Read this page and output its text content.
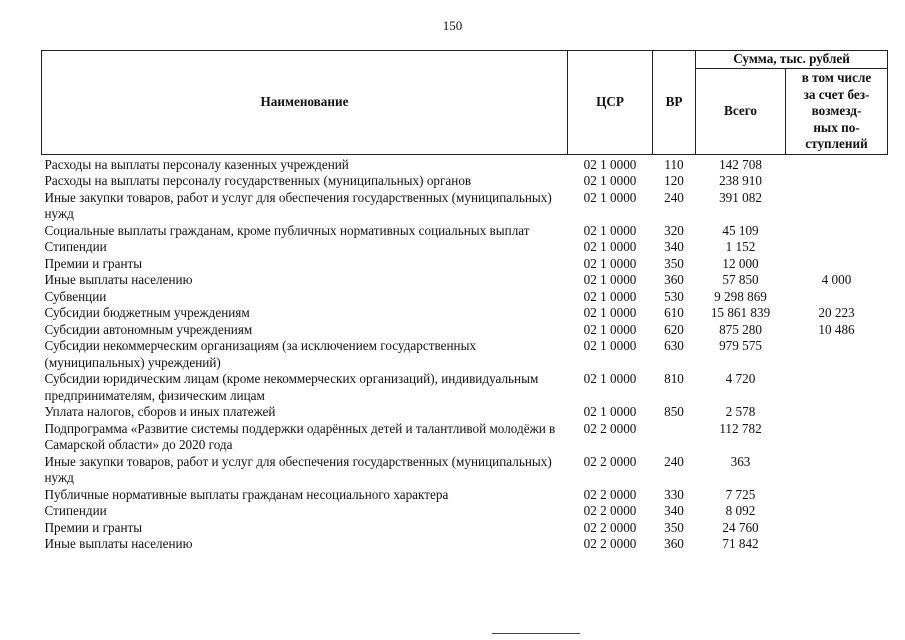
150
Наименование	ЦСР	ВР	Сумма, тыс. рублей	
			Всего	в том числе
за счет без-
возмезд-
ных по-
ступлений
Расходы на выплаты персоналу казенных учреждений	02 1 0000	110	142 708	
Расходы на выплаты персоналу государственных (муниципальных) органов	02 1 0000	120	238 910	
Иные закупки товаров, работ и услуг для обеспечения государственных (муниципальных) нужд	02 1 0000	240	391 082	
Социальные выплаты гражданам, кроме публичных нормативных социальных выплат	02 1 0000	320	45 109	
Стипендии	02 1 0000	340	1 152	
Премии и гранты	02 1 0000	350	12 000	
Иные выплаты населению	02 1 0000	360	57 850	4 000
Субвенции	02 1 0000	530	9 298 869	
Субсидии бюджетным учреждениям	02 1 0000	610	15 861 839	20 223
Субсидии автономным учреждениям	02 1 0000	620	875 280	10 486
Субсидии некоммерческим организациям (за исключением государственных (муниципальных) учреждений)	02 1 0000	630	979 575	
Субсидии юридическим лицам (кроме некоммерческих организаций), индивидуальным предпринимателям, физическим лицам	02 1 0000	810	4 720	
Уплата налогов, сборов и иных платежей	02 1 0000	850	2 578	
Подпрограмма «Развитие системы поддержки одарённых детей и талантливой молодёжи в Самарской области» до 2020 года	02 2 0000		112 782	
Иные закупки товаров, работ и услуг для обеспечения государственных (муниципальных) нужд	02 2 0000	240	363	
Публичные нормативные выплаты гражданам несоциального характера	02 2 0000	330	7 725	
Стипендии	02 2 0000	340	8 092	
Премии и гранты	02 2 0000	350	24 760	
Иные выплаты населению	02 2 0000	360	71 842	
